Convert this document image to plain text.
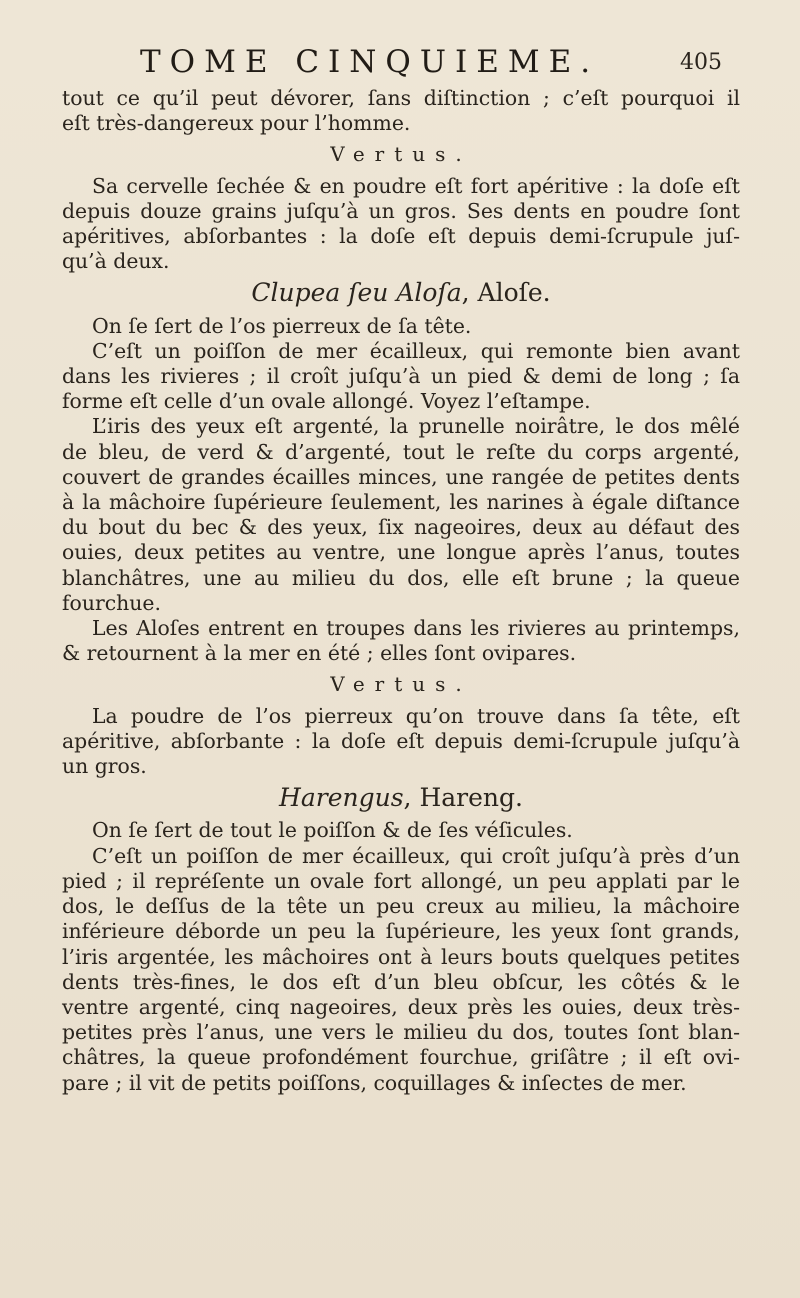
TOME CINQUIEME.	405

tout ce qu’il peut dévorer, ſans diſtinction ; c’eſt pourquoi il
eſt très-dangereux pour l’homme.

Vertus.

Sa cervelle ſechée & en poudre eſt fort apéritive : la doſe eſt
depuis douze grains juſqu’à un gros. Ses dents en poudre ſont
apéritives, abſorbantes : la doſe eſt depuis demi-ſcrupule juſ-
qu’à deux.

Clupea ſeu Aloſa, Aloſe.

On ſe ſert de l’os pierreux de ſa tête.

C’eſt un poiſſon de mer écailleux, qui remonte bien avant
dans les rivieres ; il croît juſqu’à un pied & demi de long ; ſa
forme eſt celle d’un ovale allongé. Voyez l’eſtampe.

L’iris des yeux eſt argenté, la prunelle noirâtre, le dos mêlé
de bleu, de verd & d’argenté, tout le reſte du corps argenté,
couvert de grandes écailles minces, une rangée de petites dents
à la mâchoire ſupérieure ſeulement, les narines à égale diſtance
du bout du bec & des yeux, ſix nageoires, deux au défaut des
ouies, deux petites au ventre, une longue après l’anus, toutes
blanchâtres, une au milieu du dos, elle eſt brune ; la queue
fourchue.

Les Aloſes entrent en troupes dans les rivieres au printemps,
& retournent à la mer en été ; elles ſont ovipares.

Vertus.

La poudre de l’os pierreux qu’on trouve dans ſa tête, eſt
apéritive, abſorbante : la doſe eſt depuis demi-ſcrupule juſqu’à
un gros.

Harengus, Hareng.

On ſe ſert de tout le poiſſon & de ſes véſicules.

C’eſt un poiſſon de mer écailleux, qui croît juſqu’à près d’un
pied ; il repréſente un ovale fort allongé, un peu applati par le
dos, le deſſus de la tête un peu creux au milieu, la mâchoire
inférieure déborde un peu la ſupérieure, les yeux ſont grands,
l’iris argentée, les mâchoires ont à leurs bouts quelques petites
dents très-fines, le dos eſt d’un bleu obſcur, les côtés & le
ventre argenté, cinq nageoires, deux près les ouies, deux très-
petites près l’anus, une vers le milieu du dos, toutes ſont blan-
châtres, la queue profondément fourchue, griſâtre ; il eſt ovi-
pare ; il vit de petits poiſſons, coquillages & inſectes de mer.
